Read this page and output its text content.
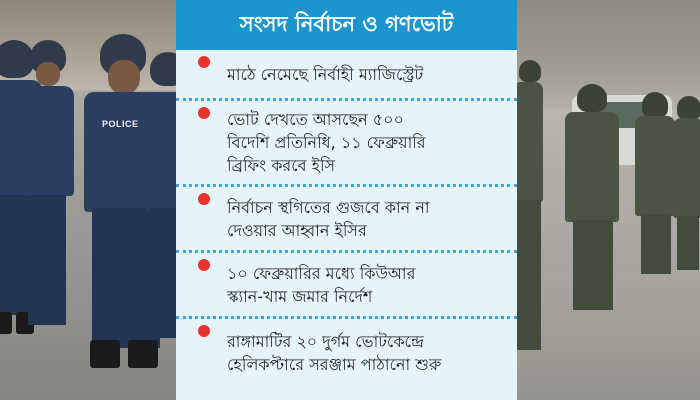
POLICE
সংসদ নির্বাচন ও গণভোট
মাঠে নেমেছে নির্বাহী ম্যাজিস্ট্রেট
ভোট দেখতে আসছেন ৫০০
বিদেশি প্রতিনিধি, ১১ ফেব্রুয়ারি
ব্রিফিং করবে ইসি
নির্বাচন স্থগিতের গুজবে কান না
দেওয়ার আহ্বান ইসির
১০ ফেব্রুয়ারির মধ্যে কিউআর
স্ক্যান-খাম জমার নির্দেশ
রাঙ্গামাটির ২০ দুর্গম ভোটকেন্দ্রে
হেলিকপ্টারে সরঞ্জাম পাঠানো শুরু
